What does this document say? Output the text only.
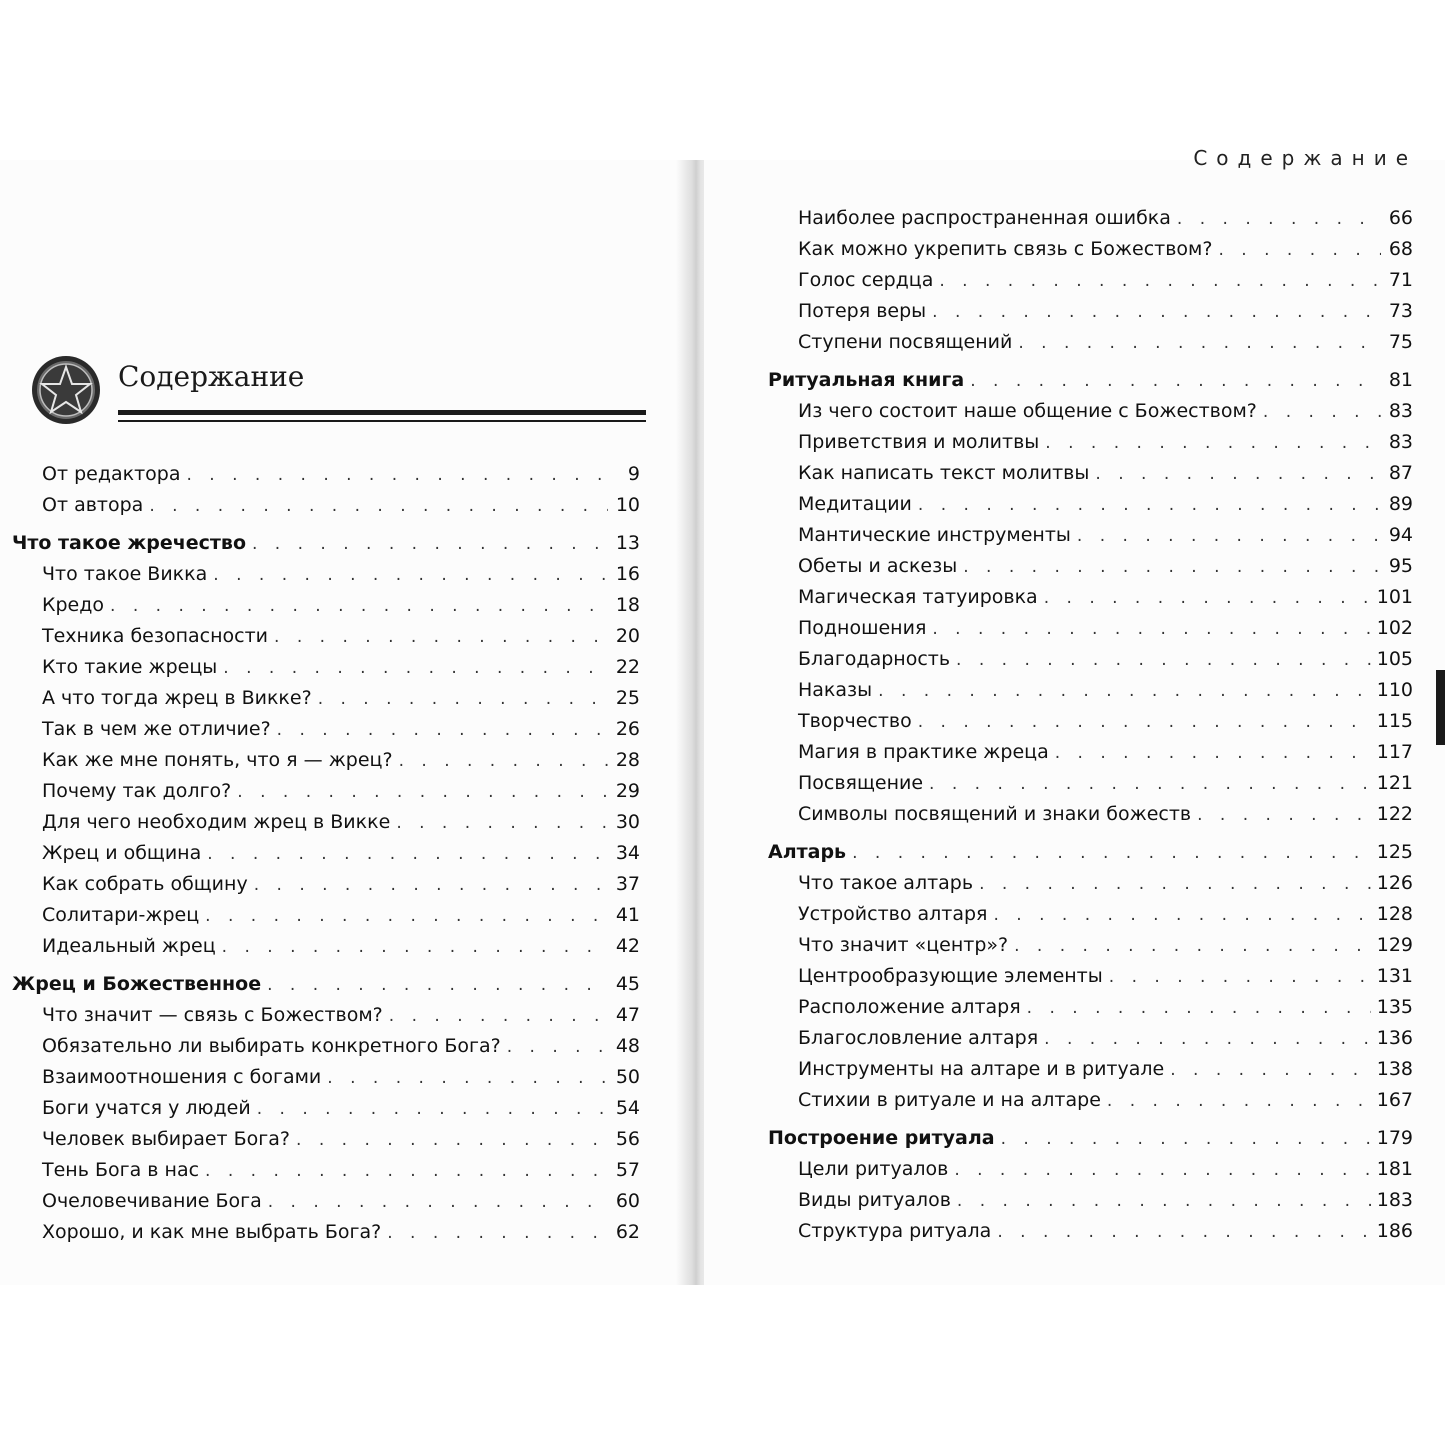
Содержание
От редактора . . .	9
От автора . . .	10
Что такое жречество . . .	13
Что такое Викка . . .	16
Кредо . . .	18
Техника безопасности . . .	20
Кто такие жрецы . . .	22
А что тогда жрец в Викке? . . .	25
Так в чем же отличие? . . .	26
Как же мне понять, что я — жрец? . . .	28
Почему так долго? . . .	29
Для чего необходим жрец в Викке . . .	30
Жрец и община . . .	34
Как собрать общину . . .	37
Солитари-жрец . . .	41
Идеальный жрец . . .	42
Жрец и Божественное . . .	45
Что значит — связь с Божеством? . . .	47
Обязательно ли выбирать конкретного Бога? . . .	48
Взаимоотношения с богами . . .	50
Боги учатся у людей . . .	54
Человек выбирает Бога? . . .	56
Тень Бога в нас . . .	57
Очеловечивание Бога . . .	60
Хорошо, и как мне выбрать Бога? . . .	62
Содержание
Наиболее распространенная ошибка . . .	66
Как можно укрепить связь с Божеством? . . .	68
Голос сердца . . .	71
Потеря веры . . .	73
Ступени посвящений . . .	75
Ритуальная книга . . .	81
Из чего состоит наше общение с Божеством? . . .	83
Приветствия и молитвы . . .	83
Как написать текст молитвы . . .	87
Медитации . . .	89
Мантические инструменты . . .	94
Обеты и аскезы . . .	95
Магическая татуировка . . .	101
Подношения . . .	102
Благодарность . . .	105
Наказы . . .	110
Творчество . . .	115
Магия в практике жреца . . .	117
Посвящение . . .	121
Символы посвящений и знаки божеств . . .	122
Алтарь . . .	125
Что такое алтарь . . .	126
Устройство алтаря . . .	128
Что значит «центр»? . . .	129
Центрообразующие элементы . . .	131
Расположение алтаря . . .	135
Благословление алтаря . . .	136
Инструменты на алтаре и в ритуале . . .	138
Стихии в ритуале и на алтаре . . .	167
Построение ритуала . . .	179
Цели ритуалов . . .	181
Виды ритуалов . . .	183
Структура ритуала . . .	186
